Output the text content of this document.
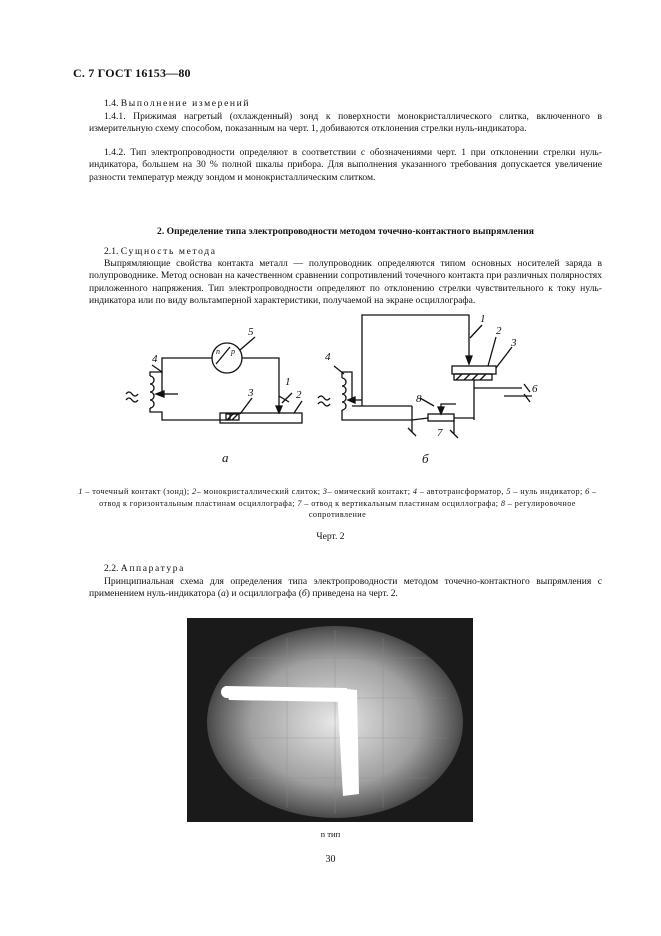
С. 7 ГОСТ 16153—80
1.4. Выполнение измерений
1.4.1. Прижимая нагретый (охлажденный) зонд к поверхности монокристаллического слитка, включенного в измерительную схему способом, показанным на черт. 1, добиваются отклонения стрелки нуль-индикатора.
1.4.2. Тип электропроводности определяют в соответствии с обозначениями черт. 1 при отклонении стрелки нуль-индикатора, большем на 30 % полной шкалы прибора. Для выполнения указанного требования допускается увеличение разности температур между зондом и монокристаллическим слитком.
2. Определение типа электропроводности методом точечно-контактного выпрямления
2.1. Сущность метода
Выпрямляющие свойства контакта металл — полупроводник определяются типом основных носителей заряда в полупроводнике. Метод основан на качественном сравнении сопротивлений точечного контакта при различных полярностях приложенного напряжения. Тип электропроводности определяют по отклонению стрелки чувствительного к току нуль-индикатора или по виду вольтамперной характеристики, получаемой на экране осциллографа.
5
n p
4
1
2
3
а
4
1
2
3
6
8
7
б
1 – точечный контакт (зонд); 2– монокристаллический слиток; 3– омический контакт; 4 – автотрансформатор, 5 – нуль индикатор; 6 – отвод к горизонтальным пластинам осциллографа; 7 – отвод к вертикальным пластинам осциллографа; 8 – регулировочное сопротивление
Черт. 2
2.2. Аппаратура
Принципиальная схема для определения типа электропроводности методом точечно-контактного выпрямления с применением нуль-индикатора (а) и осциллографа (б) приведена на черт. 2.
n тип
30
